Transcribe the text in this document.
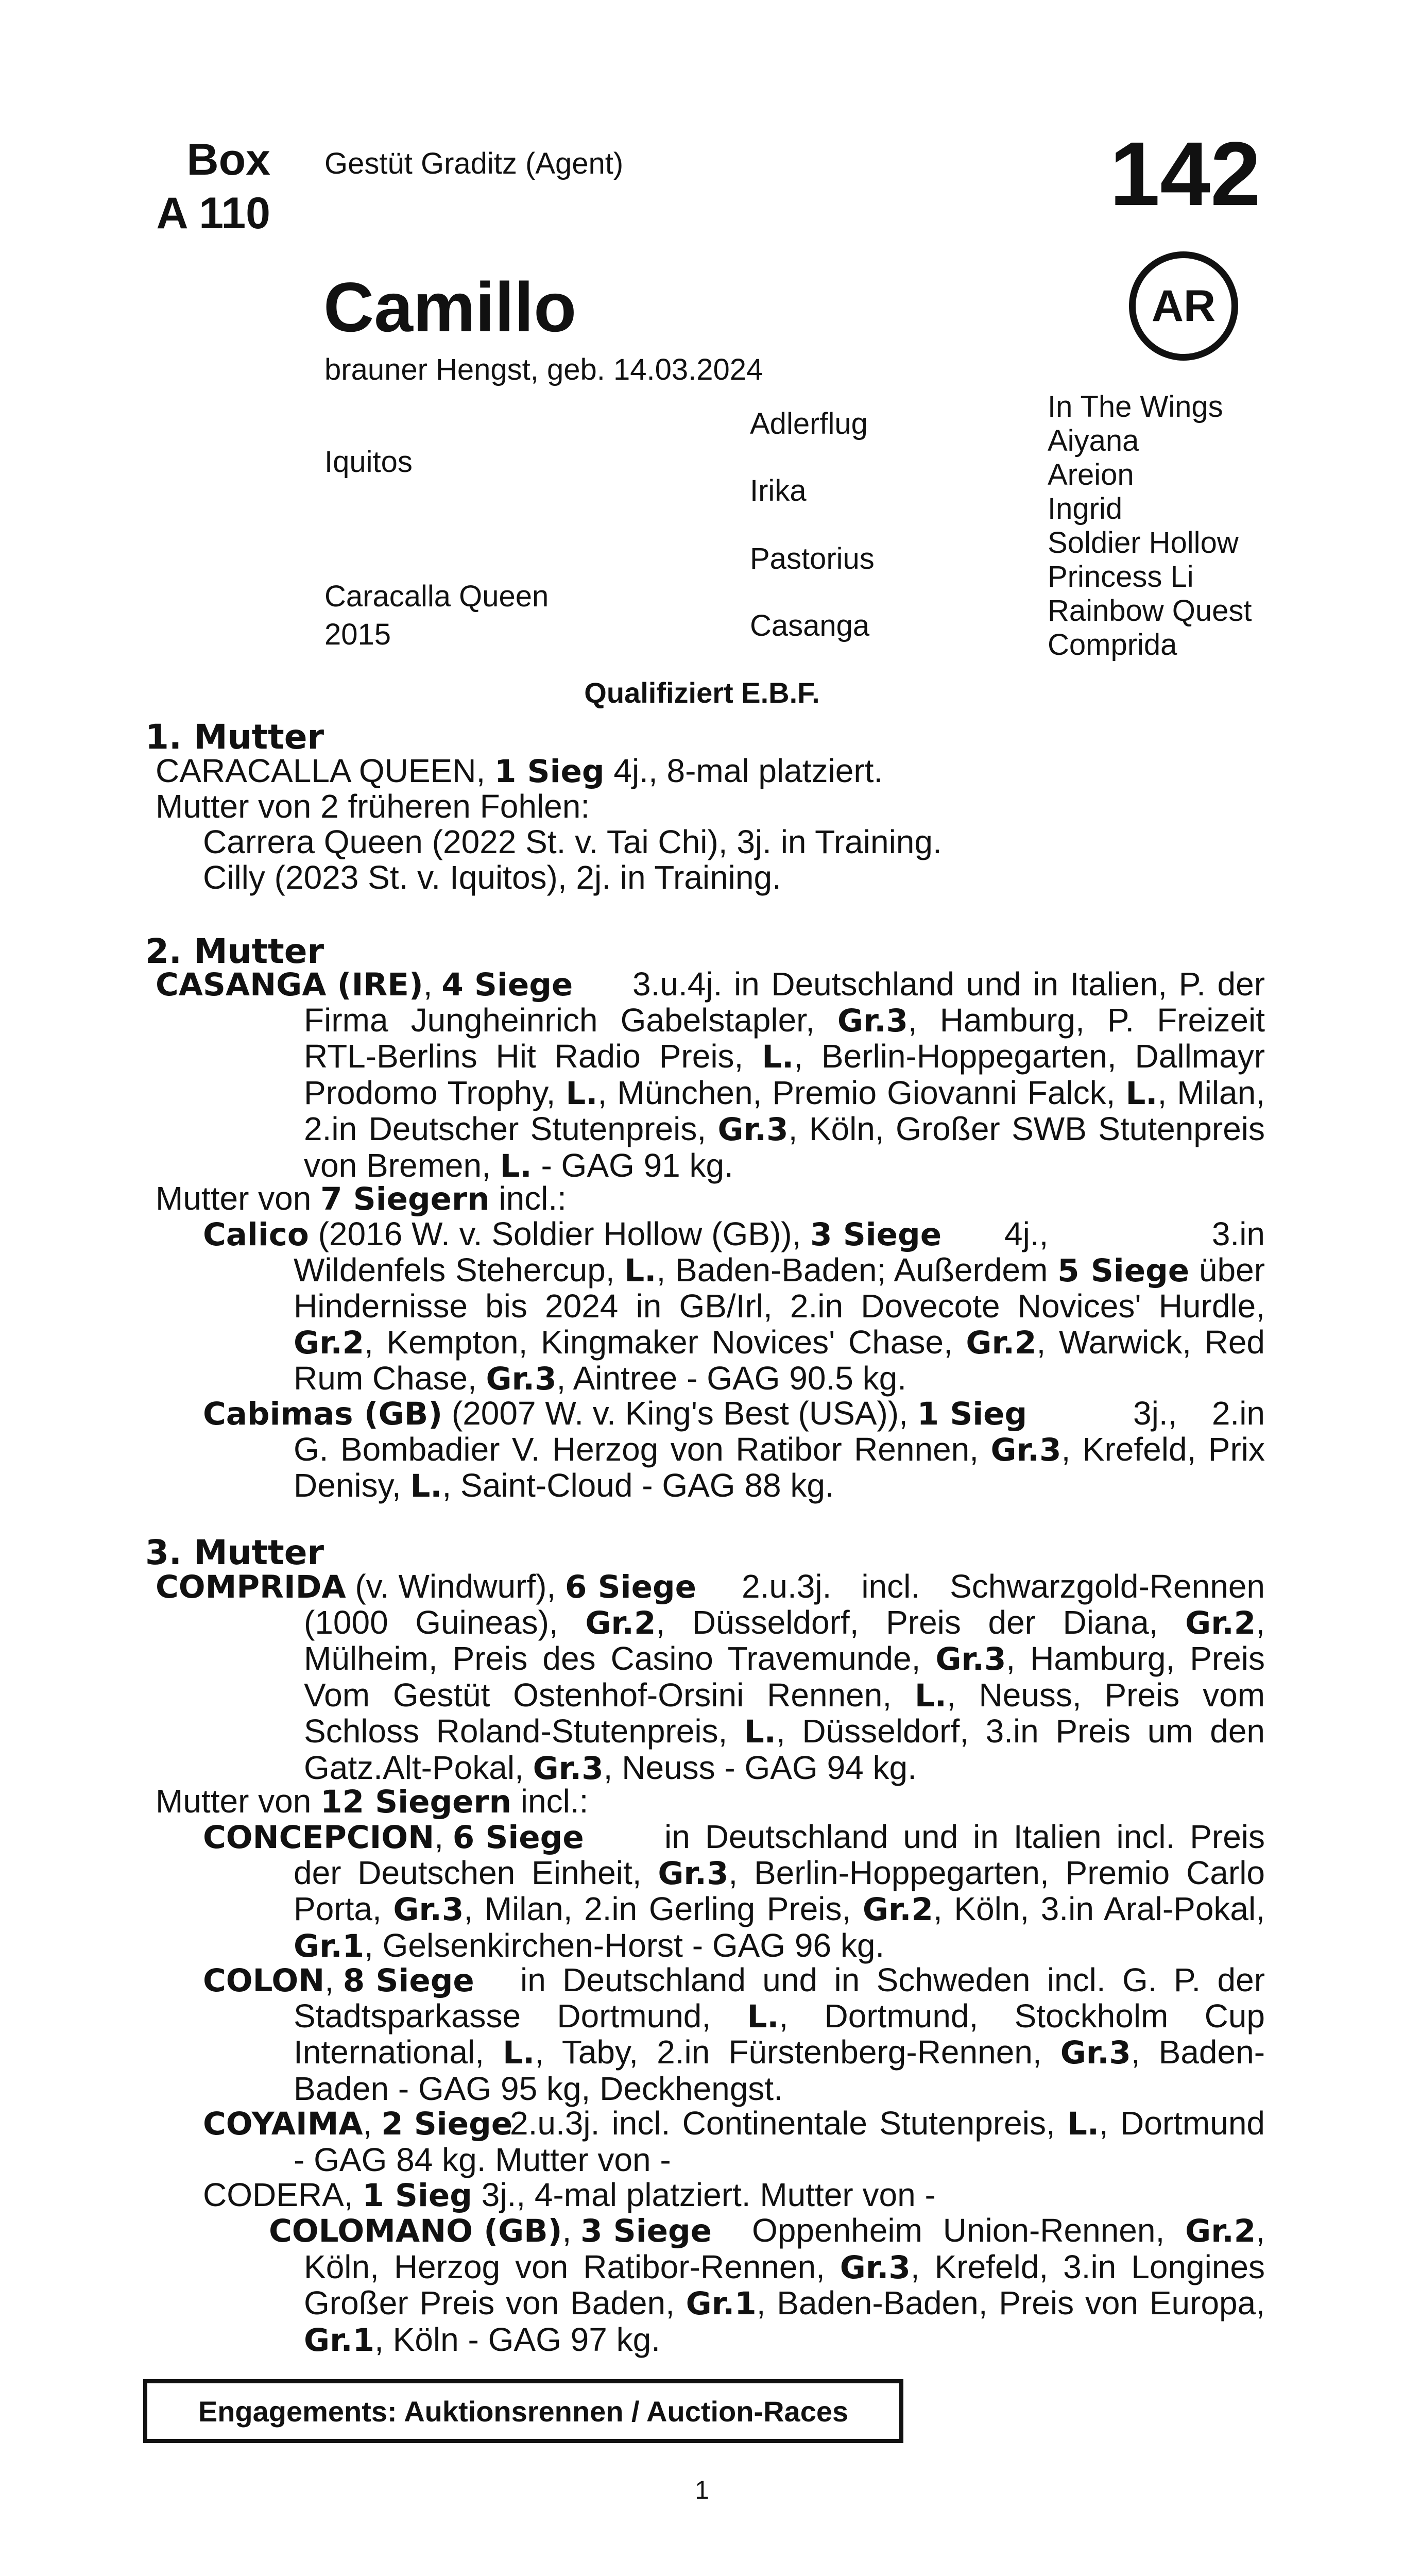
Box
A 110
Gestüt Graditz (Agent)	142
Camillo
brauner Hengst, geb. 14.03.2024
AR
Iquitos
Caracalla Queen
2015
Adlerflug
Irika
Pastorius
Casanga
In The Wings
Aiyana
Areion
Ingrid
Soldier Hollow
Princess Li
Rainbow Quest
Comprida
Qualifiziert E.B.F.
1. Mutter
CARACALLA QUEEN, 1 Sieg 4j., 8-mal platziert.
Mutter von 2 früheren Fohlen:
Carrera Queen (2022 St. v. Tai Chi), 3j. in Training.
Cilly (2023 St. v. Iquitos), 2j. in Training.
2. Mutter
CASANGA (IRE), 4 Siege	3.u.4j. in Deutschland und in Italien, P. der Firma Jungheinrich Gabelstapler, Gr.3, Hamburg, P. Freizeit RTL-Berlins Hit Radio Preis, L., Berlin-Hoppegarten, Dallmayr Prodomo Trophy, L., München, Premio Giovanni Falck, L., Milan, 2.in Deutscher Stutenpreis, Gr.3, Köln, Großer SWB Stutenpreis von Bremen, L. - GAG 91 kg.
Mutter von 7 Siegern incl.:
Calico (2016 W. v. Soldier Hollow (GB)), 3 Siege	4j., 3.in Wildenfels Stehercup, L., Baden-Baden; Außerdem 5 Siege über Hindernisse bis 2024 in GB/Irl, 2.in Dovecote Novices' Hurdle, Gr.2, Kempton, Kingmaker Novices' Chase, Gr.2, Warwick, Red Rum Chase, Gr.3, Aintree - GAG 90.5 kg.
Cabimas (GB) (2007 W. v. King's Best (USA)), 1 Sieg	3j., 2.in G. Bombadier V. Herzog von Ratibor Rennen, Gr.3, Krefeld, Prix Denisy, L., Saint-Cloud - GAG 88 kg.
3. Mutter
COMPRIDA (v. Windwurf), 6 Siege	2.u.3j. incl. Schwarzgold-Rennen (1000 Guineas), Gr.2, Düsseldorf, Preis der Diana, Gr.2, Mülheim, Preis des Casino Travemunde, Gr.3, Hamburg, Preis Vom Gestüt Ostenhof-Orsini Rennen, L., Neuss, Preis vom Schloss Roland-Stutenpreis, L., Düsseldorf, 3.in Preis um den Gatz.Alt-Pokal, Gr.3, Neuss - GAG 94 kg.
Mutter von 12 Siegern incl.:
CONCEPCION, 6 Siege	in Deutschland und in Italien incl. Preis der Deutschen Einheit, Gr.3, Berlin-Hoppegarten, Premio Carlo Porta, Gr.3, Milan, 2.in Gerling Preis, Gr.2, Köln, 3.in Aral-Pokal, Gr.1, Gelsenkirchen-Horst - GAG 96 kg.
COLON, 8 Siege	in Deutschland und in Schweden incl. G. P. der Stadtsparkasse Dortmund, L., Dortmund, Stockholm Cup International, L., Taby, 2.in Fürstenberg-Rennen, Gr.3, Baden-Baden - GAG 95 kg, Deckhengst.
COYAIMA, 2 Siege
2.u.3j. incl. Continentale Stutenpreis, L., Dortmund - GAG 84 kg. Mutter von -
CODERA, 1 Sieg 3j., 4-mal platziert. Mutter von -
COLOMANO (GB), 3 Siege	Oppenheim Union-Rennen, Gr.2, Köln, Herzog von Ratibor-Rennen, Gr.3, Krefeld, 3.in Longines Großer Preis von Baden, Gr.1, Baden-Baden, Preis von Europa, Gr.1, Köln - GAG 97 kg.
Engagements: Auktionsrennen / Auction-Races
1
